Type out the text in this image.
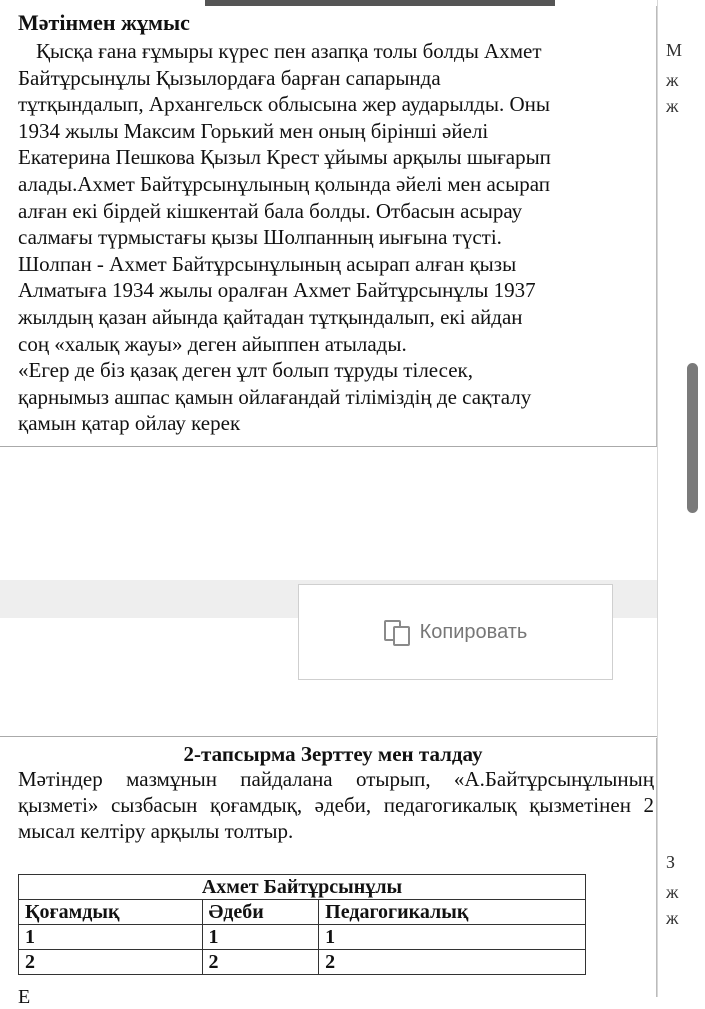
Мәтінмен жұмыс

Қысқа ғана ғұмыры күрес пен азапқа толы болды Ахмет

Байтұрсынұлы Қызылордаға барған сапарында

тұтқындалып, Архангельск облысына жер аударылды. Оны

1934 жылы Максим Горький мен оның бірінші әйелі

Екатерина Пешкова Қызыл Крест ұйымы арқылы шығарып

алады.Ахмет Байтұрсынұлының қолында әйелі мен асырап

алған екі бірдей кішкентай бала болды. Отбасын асырау

салмағы түрмыстағы қызы Шолпанның иығына түсті.

Шолпан - Ахмет Байтұрсынұлының асырап алған қызы

Алматыға 1934 жылы оралған Ахмет Байтұрсынұлы 1937

жылдың қазан айында қайтадан тұтқындалып, екі айдан

соң «халық жауы» деген айыппен атылады.

«Егер де біз қазақ деген ұлт болып тұруды тілесек,

қарнымыз ашпас қамын ойлағандай тіліміздің де сақталу

қамын қатар ойлау керек

Копировать
2-тапсырма Зерттеу мен талдау
Мәтіндер мазмұнын пайдалана отырып, «А.Байтұрсынұлының қызметі» сызбасын қоғамдық, әдеби, педагогикалық қызметінен 2 мысал келтіру арқылы толтыр.
Ахмет Байтұрсынұлы		
Қоғамдық	Әдеби	Педагогикалық
1	1	1
2	2	2
Е
М
ж
ж
З
ж
ж
